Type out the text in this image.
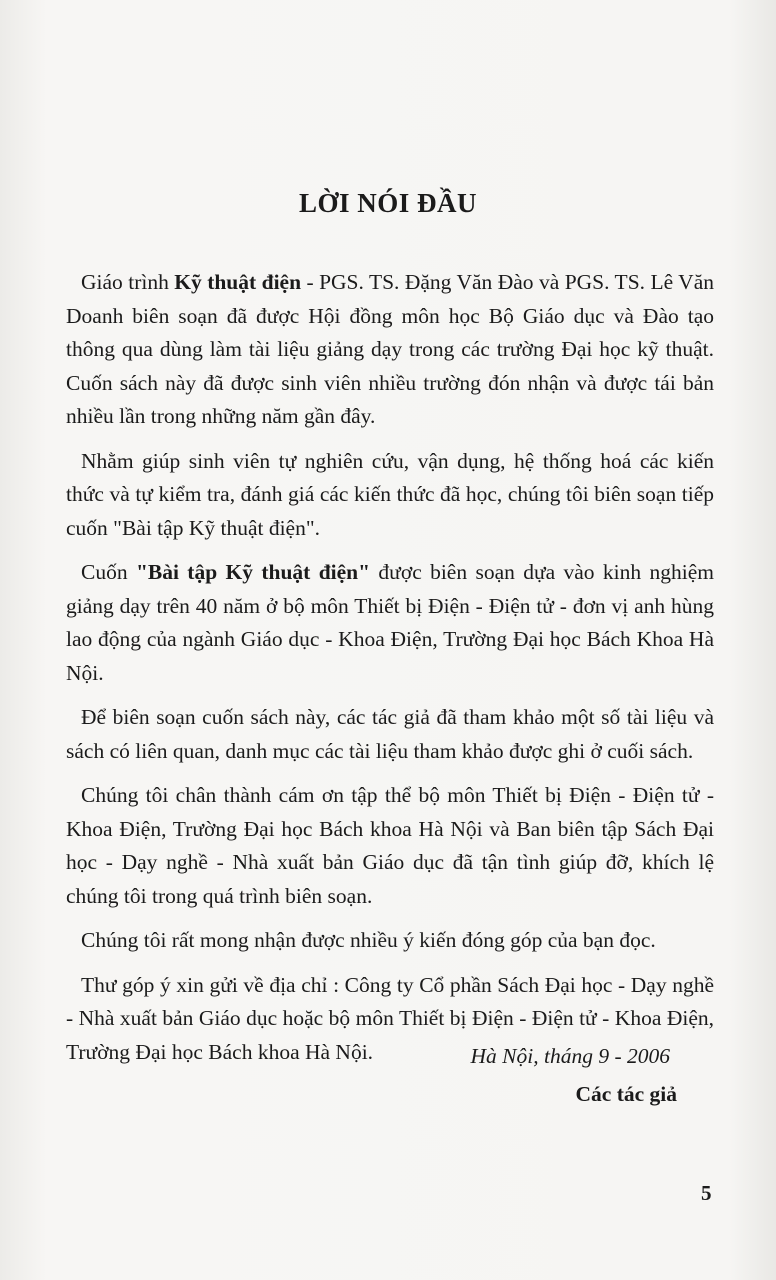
LỜI NÓI ĐẦU

Giáo trình Kỹ thuật điện - PGS. TS. Đặng Văn Đào và PGS. TS. Lê Văn Doanh biên soạn đã được Hội đồng môn học Bộ Giáo dục và Đào tạo thông qua dùng làm tài liệu giảng dạy trong các trường Đại học kỹ thuật. Cuốn sách này đã được sinh viên nhiều trường đón nhận và được tái bản nhiều lần trong những năm gần đây.

Nhằm giúp sinh viên tự nghiên cứu, vận dụng, hệ thống hoá các kiến thức và tự kiểm tra, đánh giá các kiến thức đã học, chúng tôi biên soạn tiếp cuốn "Bài tập Kỹ thuật điện".

Cuốn "Bài tập Kỹ thuật điện" được biên soạn dựa vào kinh nghiệm giảng dạy trên 40 năm ở bộ môn Thiết bị Điện - Điện tử - đơn vị anh hùng lao động của ngành Giáo dục - Khoa Điện, Trường Đại học Bách Khoa Hà Nội.

Để biên soạn cuốn sách này, các tác giả đã tham khảo một số tài liệu và sách có liên quan, danh mục các tài liệu tham khảo được ghi ở cuối sách.

Chúng tôi chân thành cám ơn tập thể bộ môn Thiết bị Điện - Điện tử - Khoa Điện, Trường Đại học Bách khoa Hà Nội và Ban biên tập Sách Đại học - Dạy nghề - Nhà xuất bản Giáo dục đã tận tình giúp đỡ, khích lệ chúng tôi trong quá trình biên soạn.

Chúng tôi rất mong nhận được nhiều ý kiến đóng góp của bạn đọc.

Thư góp ý xin gửi về địa chỉ : Công ty Cổ phần Sách Đại học - Dạy nghề - Nhà xuất bản Giáo dục hoặc bộ môn Thiết bị Điện - Điện tử - Khoa Điện, Trường Đại học Bách khoa Hà Nội.	Hà Nội, tháng 9 - 2006
Các tác giả
5
